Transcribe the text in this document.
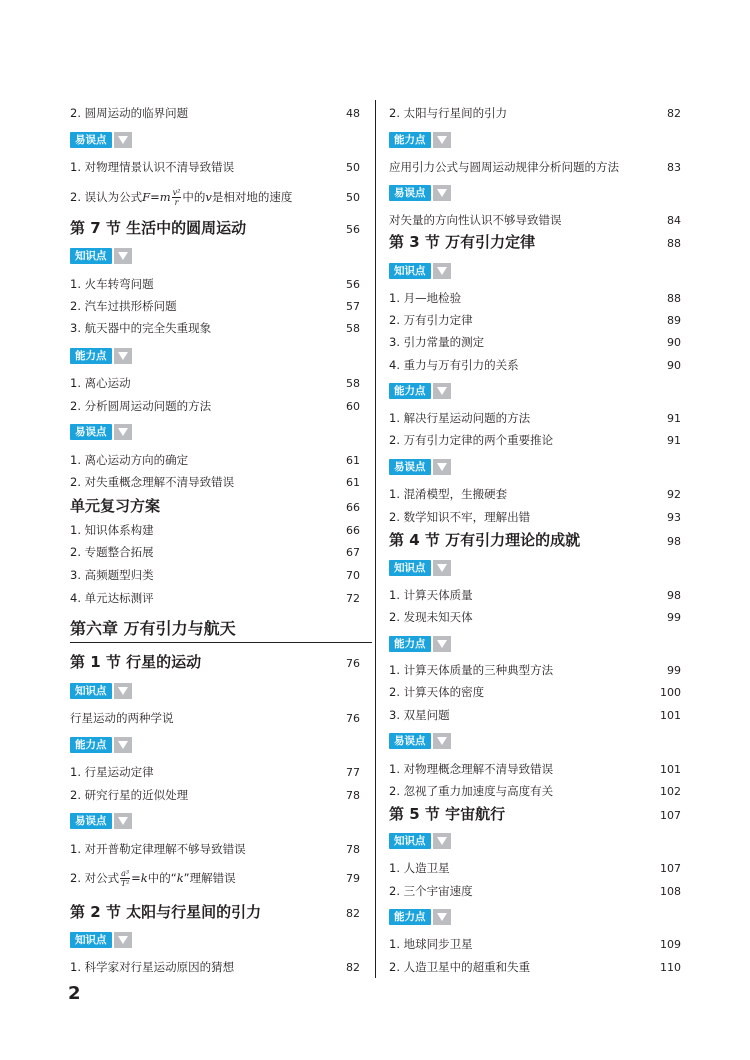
2. 圆周运动的临界问题	48
易误点
1. 对物理情景认识不清导致错误	50
2. 误认为公式$F=m \frac{\text{v²}}{r}$ 中的v是相对地的速度	50
第 7 节 生活中的圆周运动	56
知识点
1. 火车转弯问题	56
2. 汽车过拱形桥问题	57
3. 航天器中的完全失重现象	58
能力点
1. 离心运动	58
2. 分析圆周运动问题的方法	60
易误点
1. 离心运动方向的确定	61
2. 对失重概念理解不清导致错误	61
单元复习方案	66
1. 知识体系构建	66
2. 专题整合拓展	67
3. 高频题型归类	70
4. 单元达标测评	72
第六章 万有引力与航天
第 1 节 行星的运动	76
知识点
行星运动的两种学说	76
能力点
1. 行星运动定律	77
2. 研究行星的近似处理	78
易误点
1. 对开普勒定律理解不够导致错误	78
2. 对公式 $\frac{\text{a³}}{\text{T²}} =k$中的“k”理解错误	79
第 2 节 太阳与行星间的引力	82
知识点
1. 科学家对行星运动原因的猜想	82
2. 太阳与行星间的引力	82
能力点
应用引力公式与圆周运动规律分析问题的方法	83
易误点
对矢量的方向性认识不够导致错误	84
第 3 节 万有引力定律	88
知识点
1. 月—地检验	88
2. 万有引力定律	89
3. 引力常量的测定	90
4. 重力与万有引力的关系	90
能力点
1. 解决行星运动问题的方法	91
2. 万有引力定律的两个重要推论	91
易误点
1. 混淆模型，生搬硬套	92
2. 数学知识不牢，理解出错	93
第 4 节 万有引力理论的成就	98
知识点
1. 计算天体质量	98
2. 发现未知天体	99
能力点
1. 计算天体质量的三种典型方法	99
2. 计算天体的密度	100
3. 双星问题	101
易误点
1. 对物理概念理解不清导致错误	101
2. 忽视了重力加速度与高度有关	102
第 5 节 宇宙航行	107
知识点
1. 人造卫星	107
2. 三个宇宙速度	108
能力点
1. 地球同步卫星	109
2. 人造卫星中的超重和失重	110
2
